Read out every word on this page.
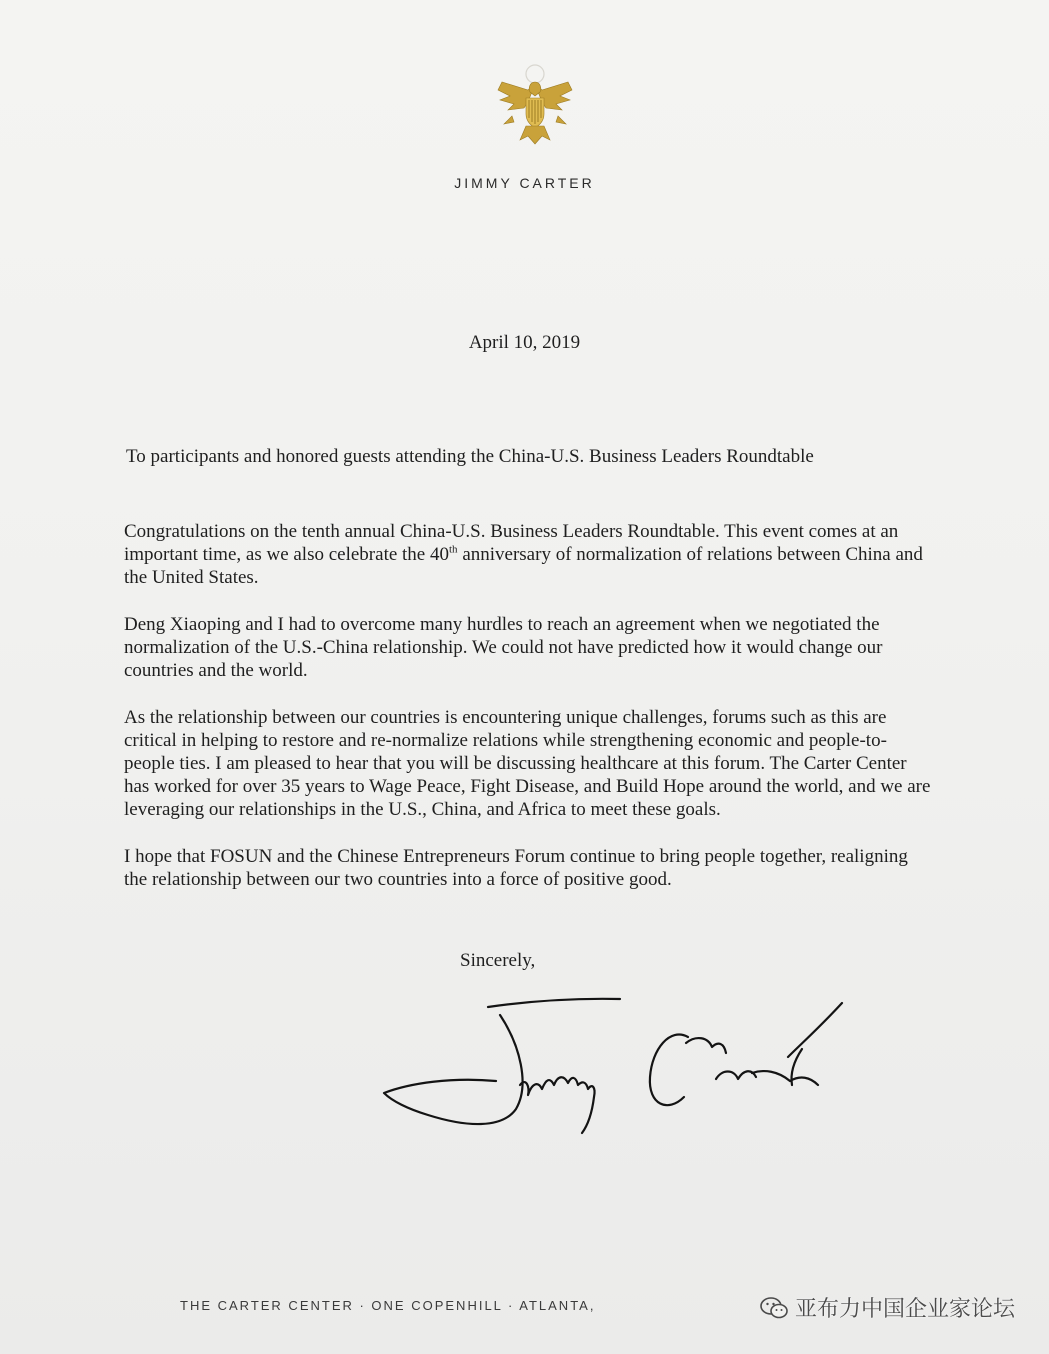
JIMMY CARTER
April 10, 2019
To participants and honored guests attending the China-U.S. Business Leaders Roundtable

Congratulations on the tenth annual China-U.S. Business Leaders Roundtable. This event comes at an important time, as we also celebrate the 40th anniversary of normalization of relations between China and the United States.

Deng Xiaoping and I had to overcome many hurdles to reach an agreement when we negotiated the normalization of the U.S.-China relationship. We could not have predicted how it would change our countries and the world.

As the relationship between our countries is encountering unique challenges, forums such as this are critical in helping to restore and re-normalize relations while strengthening economic and people-to-people ties. I am pleased to hear that you will be discussing healthcare at this forum. The Carter Center has worked for over 35 years to Wage Peace, Fight Disease, and Build Hope around the world, and we are leveraging our relationships in the U.S., China, and Africa to meet these goals.

I hope that FOSUN and the Chinese Entrepreneurs Forum continue to bring people together, realigning the relationship between our two countries into a force of positive good.

Sincerely,
THE CARTER CENTER · ONE COPENHILL · ATLANTA,	亚布力中国企业家论坛
